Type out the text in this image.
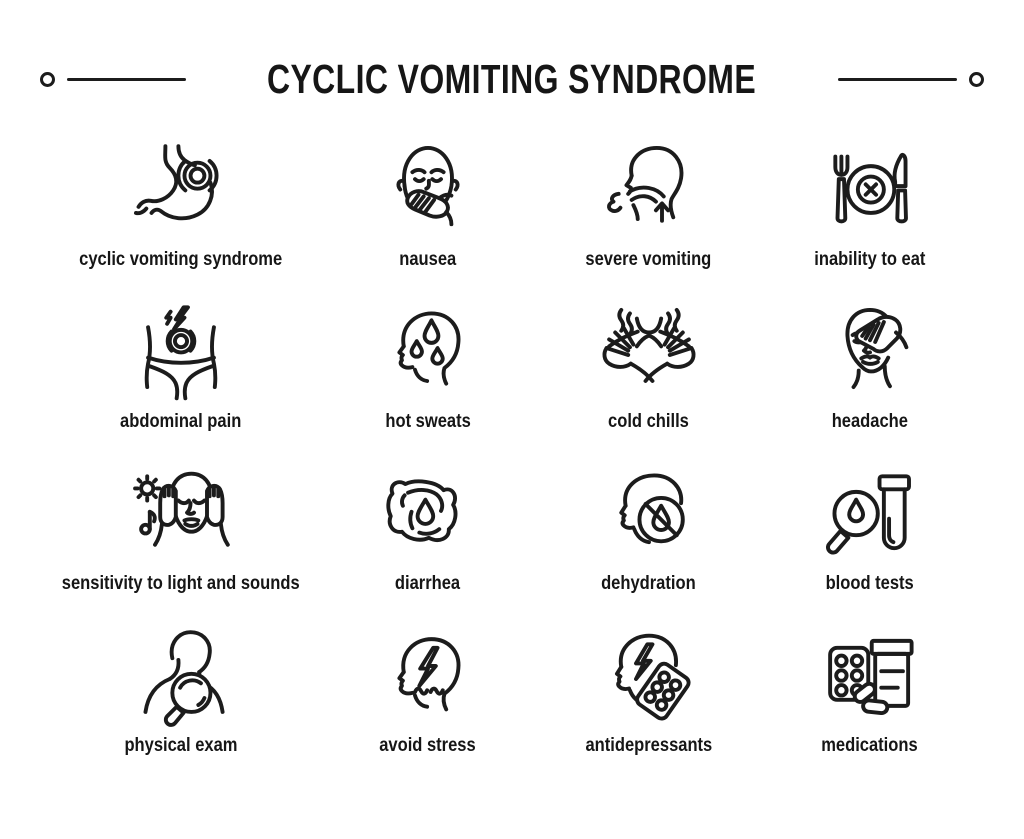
CYCLIC VOMITING SYNDROME
cyclic vomiting syndrome	nausea	severe vomiting	inability to eat
abdominal pain	hot sweats	cold chills	headache
sensitivity to light and sounds	diarrhea	dehydration	blood tests
physical exam	avoid stress	antidepressants	medications
